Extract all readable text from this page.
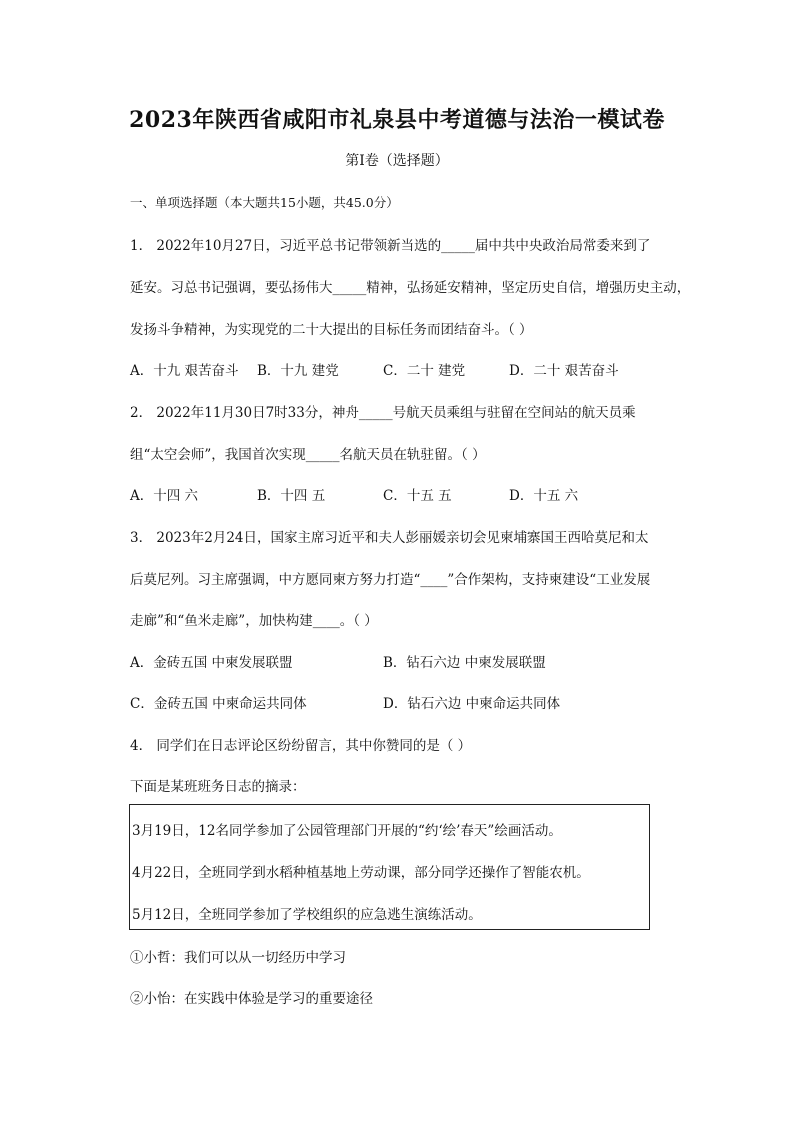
2023年陕西省咸阳市礼泉县中考道德与法治一模试卷
第Ⅰ卷（选择题）
一、单项选择题（本大题共15小题，共45.0分）
1． 2022年10月27日，习近平总书记带领新当选的_____届中共中央政治局常委来到了
延安。习总书记强调，要弘扬伟大_____精神，弘扬延安精神，坚定历史自信，增强历史主动，
发扬斗争精神，为实现党的二十大提出的目标任务而团结奋斗。（ ）
A．十九 艰苦奋斗 B．十九 建党	C．二十 建党	D．二十 艰苦奋斗
2． 2022年11月30日7时33分，神舟_____号航天员乘组与驻留在空间站的航天员乘
组“太空会师”，我国首次实现_____名航天员在轨驻留。（ ）
A．十四 六	B．十四 五	C．十五 五	D．十五 六
3． 2023年2月24日，国家主席习近平和夫人彭丽媛亲切会见柬埔寨国王西哈莫尼和太
后莫尼列。习主席强调，中方愿同柬方努力打造“____”合作架构，支持柬建设“工业发展
走廊”和“鱼米走廊”，加快构建____。（ ）
A．金砖五国 中柬发展联盟	B．钻石六边 中柬发展联盟
C．金砖五国 中柬命运共同体	D．钻石六边 中柬命运共同体
4． 同学们在日志评论区纷纷留言，其中你赞同的是（ ）
下面是某班班务日志的摘录：
3月19日，12名同学参加了公园管理部门开展的“约‘绘’春天”绘画活动。
4月22日，全班同学到水稻种植基地上劳动课，部分同学还操作了智能农机。
5月12日，全班同学参加了学校组织的应急逃生演练活动。
①小哲：我们可以从一切经历中学习
②小怡：在实践中体验是学习的重要途径
